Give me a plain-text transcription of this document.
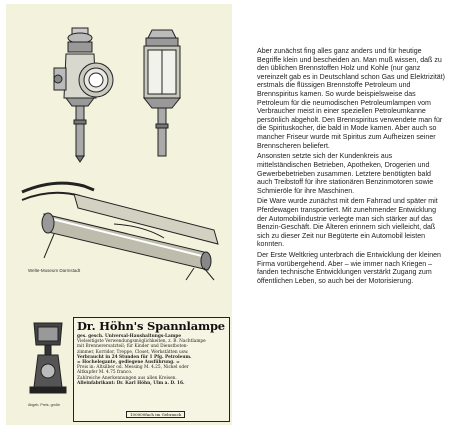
Welte-Museum Darmstadt
Abgeb. Preis. große
Dr. Höhn's Spannlampe
ges. gesch. Universal-Haushaltungs-Lampe
Vielseitigste Verwendungsmöglichkeiten, z. B. Nachtlampe
mit Brennerersatzteil; für Kinder und Dienstboten-
zimmer, Korridor, Treppe, Closet, Werkstätten usw.
Verbraucht in 24 Stunden für 1 Pfg. Petroleum.
= Hochelegante, gediegene Ausführung. =
Preis in: Altsilber od. Messing M. 4.25, Nickel oder
Altkupfer M. 4.75 franco.
Zahlreiche Anerkennungen aus allen Kreisen.
Alleinfabrikant: Dr. Karl Höhn, Ulm a. D. 16.
100000fach im Gebrauch

Aber zunächst fing alles ganz anders und für heutige Begriffe klein und bescheiden an. Man muß wissen, daß zu den üblichen Brennstoffen Holz und Kohle (nur ganz vereinzelt gab es in Deutschland schon Gas und Elektrizität) erstmals die flüssigen Brennstoffe Petroleum und Brennspiritus kamen. So wurde beispielsweise das Petroleum für die neumodischen Petroleumlampen vom Verbraucher meist in einer speziellen Petroleumkanne persönlich abgeholt. Den Brennspiritus verwendete man für die Spirituskocher, die bald in Mode kamen. Aber auch so mancher Friseur wurde mit Spiritus zum Aufheizen seiner Brennscheren beliefert.

Ansonsten setzte sich der Kundenkreis aus mittelständischen Betrieben, Apotheken, Drogerien und Gewerbebetrieben zusammen. Letztere benötigten bald auch Treibstoff für ihre stationären Benzinmotoren sowie Schmieröle für ihre Maschinen.

Die Ware wurde zunächst mit dem Fahrrad und später mit Pferdewagen transportiert. Mit zunehmender Entwicklung der Automobilindustrie verlegte man sich stärker auf das Benzin-Geschäft. Die Älteren erinnern sich vielleicht, daß sich zu dieser Zeit nur Begüterte ein Automobil leisten konnten.

Der Erste Weltkrieg unterbrach die Entwicklung der kleinen Firma vorübergehend. Aber – wie immer nach Kriegen – fanden technische Entwicklungen verstärkt Zugang zum öffentlichen Leben, so auch bei der Motorisierung.
